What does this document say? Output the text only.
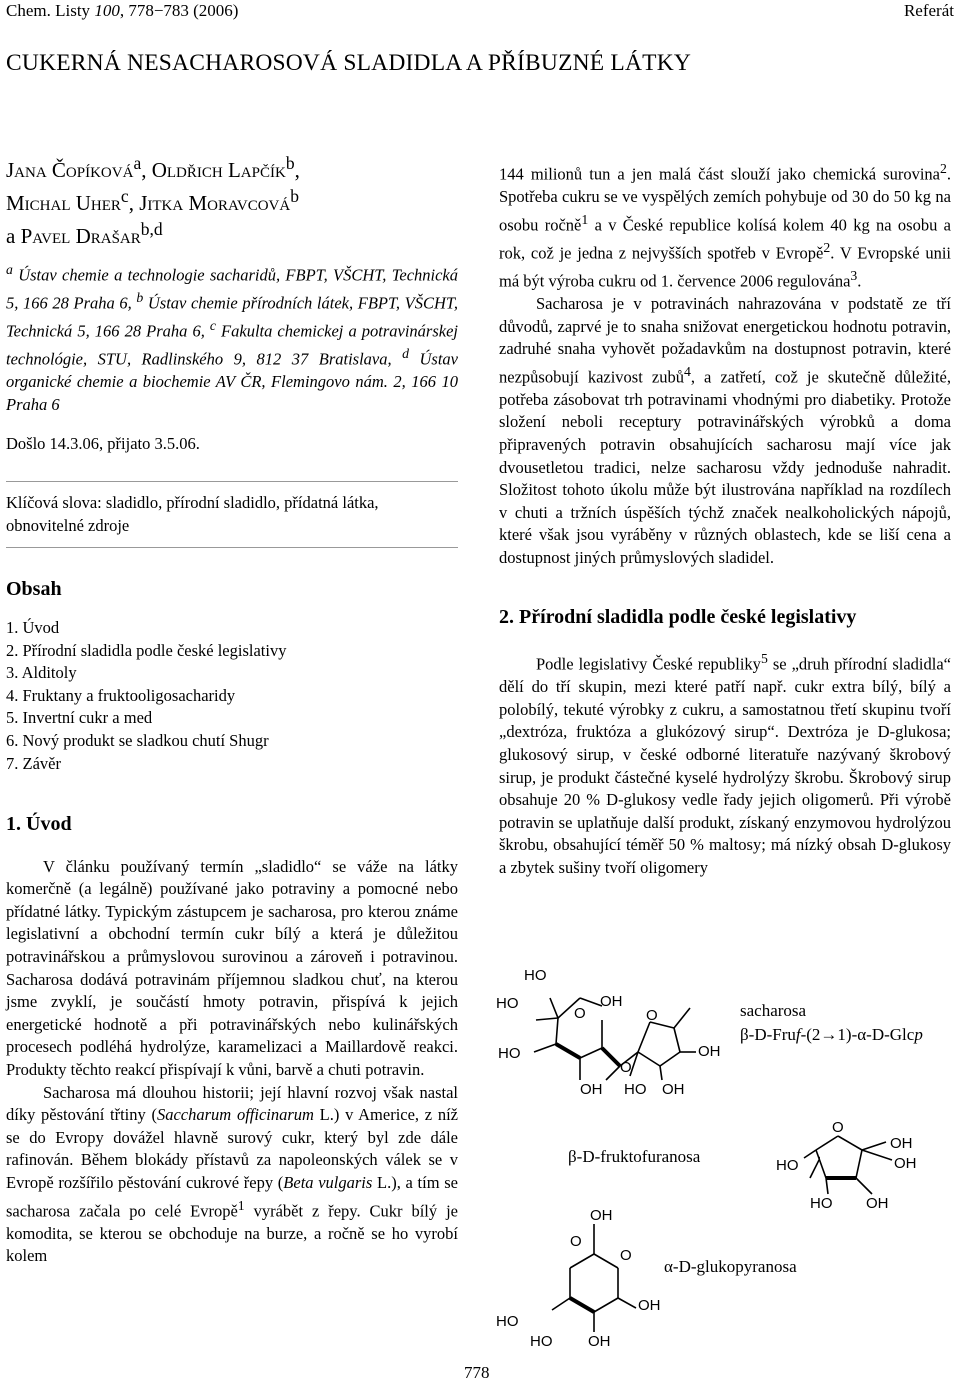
Chem. Listy 100, 778−783 (2006)	Referát
CUKERNÁ NESACHAROSOVÁ SLADIDLA A PŘÍBUZNÉ LÁTKY
Jana Čopíková$^a$, Oldřich Lapčík$^b$,
Michal Uher$^c$, Jitka Moravcová$^b$
a Pavel Drašar$^{b,d}$
$^a$ Ústav chemie a technologie sacharidů, FBPT, VŠCHT, Technická 5, 166 28 Praha 6, $^b$ Ústav chemie přírodních látek, FBPT, VŠCHT, Technická 5, 166 28 Praha 6, $^c$ Fakulta chemickej a potravinárskej technológie, STU, Radlinského 9, 812 37 Bratislava, $^d$ Ústav organické chemie a biochemie AV ČR, Flemingovo nám. 2, 166 10 Praha 6
Došlo 14.3.06, přijato 3.5.06.
Klíčová slova: sladidlo, přírodní sladidlo, přídatná látka, obnovitelné zdroje
Obsah
1. Úvod
2. Přírodní sladidla podle české legislativy
3. Alditoly
4. Fruktany a fruktooligosacharidy
5. Invertní cukr a med
6. Nový produkt se sladkou chutí Shugr
7. Závěr
1. Úvod

V článku používaný termín „sladidlo“ se váže na látky komerčně (a legálně) používané jako potraviny a pomocné nebo přídatné látky. Typickým zástupcem je sacharosa, pro kterou známe legislativní a obchodní termín cukr bílý a která je důležitou potravinářskou a průmyslovou surovinou a zároveň i potravinou. Sacharosa dodává potravinám příjemnou sladkou chuť, na kterou jsme zvyklí, je součástí hmoty potravin, přispívá k jejich energetické hodnotě a při potravinářských nebo kulinářských procesech podléhá hydrolýze, karamelizaci a Maillardově reakci. Produkty těchto reakcí přispívají k vůni, barvě a chuti potravin.

Sacharosa má dlouhou historii; její hlavní rozvoj však nastal díky pěstování třtiny (Saccharum officinarum L.) v Americe, z níž se do Evropy dovážel hlavně surový cukr, který byl zde dále rafinován. Během blokády přístavů za napoleonských válek se v Evropě rozšířilo pěstování cukrové řepy (Beta vulgaris L.), a tím se sacharosa začala po celé Evropě$^1$ vyrábět z řepy. Cukr bílý je komodita, se kterou se obchoduje na burze, a ročně se ho vyrobí kolem

144 milionů tun a jen malá část slouží jako chemická surovina$^2$. Spotřeba cukru se ve vyspělých zemích pohybuje od 30 do 50 kg na osobu ročně$^1$ a v České republice kolísá kolem 40 kg na osobu a rok, což je jedna z nejvyšších spotřeb v Evropě$^2$. V Evropské unii má být výroba cukru od 1. července 2006 regulována$^3$.

Sacharosa je v potravinách nahrazována v podstatě ze tří důvodů, zaprvé je to snaha snižovat energetickou hodnotu potravin, zadruhé snaha vyhovět požadavkům na dostupnost potravin, které nezpůsobují kazivost zubů$^4$, a zatřetí, což je skutečně důležité, potřeba zásobovat trh potravinami vhodnými pro diabetiky. Protože složení neboli receptury potravinářských výrobků a doma připravených potravin obsahujících sacharosu mají více jak dvousetletou tradici, nelze sacharosu vždy jednoduše nahradit. Složitost tohoto úkolu může být ilustrována například na rozdílech v chuti a tržních úspěších týchž značek nealkoholických nápojů, které však jsou vyráběny v různých oblastech, kde se liší cena a dostupnost jiných průmyslových sladidel.

2. Přírodní sladidla podle české legislativy

Podle legislativy České republiky$^5$ se „druh přírodní sladidla“ dělí do tří skupin, mezi které patří např. cukr extra bílý, bílý a polobílý, tekuté výrobky z cukru, a samostatnou třetí skupinu tvoří „dextróza, fruktóza a glukózový sirup“. Dextróza je D-glukosa; glukosový sirup, v české odborné literatuře nazývaný škrobový sirup, je produkt částečné kyselé hydrolýzy škrobu. Škrobový sirup obsahuje 20 % D-glukosy vedle řady jejich oligomerů. Při výrobě potravin se uplatňuje další produkt, získaný enzymovou hydrolýzou škrobu, obsahující téměř 50 % maltosy; má nízký obsah D-glukosy a zbytek sušiny tvoří oligomery

HO
HO
O
OH
HO
OH
O
O
HO OH
OH
O
OH
O
OH
HO
HO OH
O
HO
OH
OH
HO OH
sacharosa
β-D-Fruf-(2→1)-α-D-Glcp
β-D-fruktofuranosa
α-D-glukopyranosa
778
